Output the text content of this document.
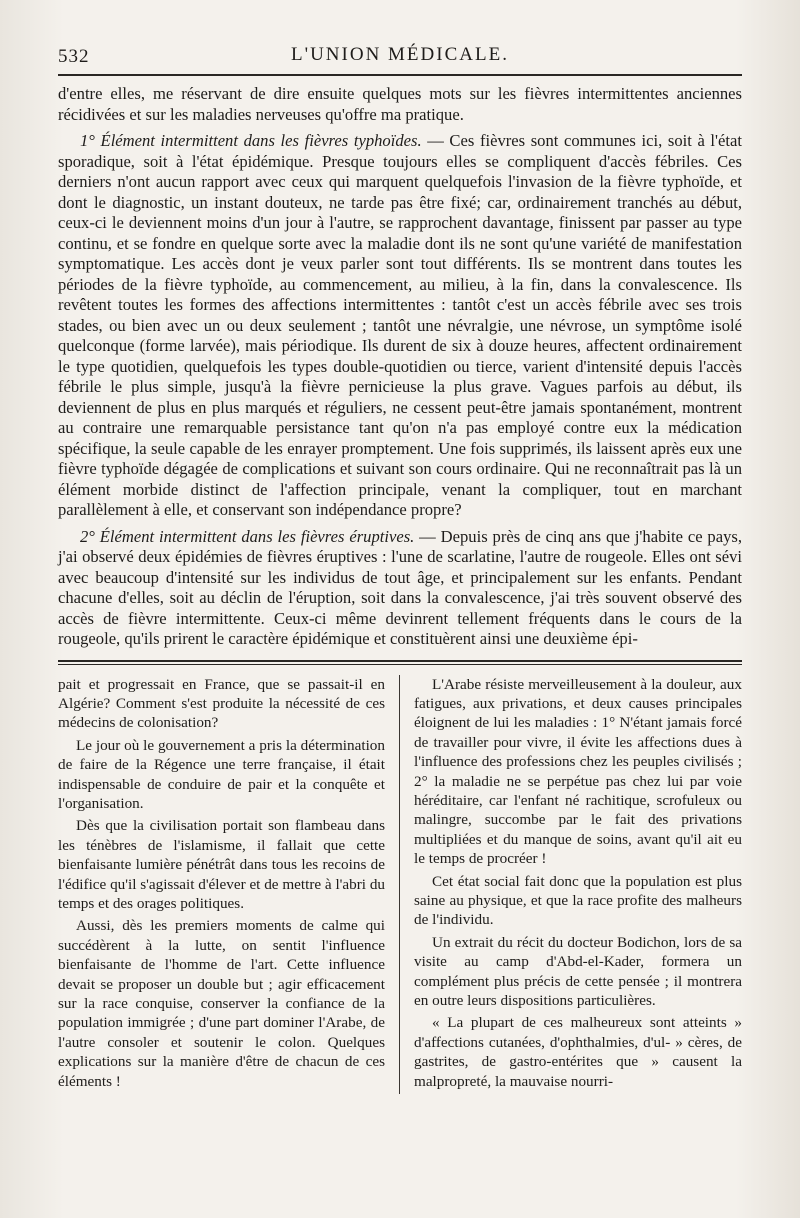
532	L'UNION MÉDICALE.

d'entre elles, me réservant de dire ensuite quelques mots sur les fièvres intermittentes anciennes récidivées et sur les maladies nerveuses qu'offre ma pratique.

1° Élément intermittent dans les fièvres typhoïdes. — Ces fièvres sont communes ici, soit à l'état sporadique, soit à l'état épidémique. Presque toujours elles se compliquent d'accès fébriles. Ces derniers n'ont aucun rapport avec ceux qui marquent quelquefois l'invasion de la fièvre typhoïde, et dont le diagnostic, un instant douteux, ne tarde pas être fixé; car, ordinairement tranchés au début, ceux-ci le deviennent moins d'un jour à l'autre, se rapprochent davantage, finissent par passer au type continu, et se fondre en quelque sorte avec la maladie dont ils ne sont qu'une variété de manifestation symptomatique. Les accès dont je veux parler sont tout différents. Ils se montrent dans toutes les périodes de la fièvre typhoïde, au commencement, au milieu, à la fin, dans la convalescence. Ils revêtent toutes les formes des affections intermittentes : tantôt c'est un accès fébrile avec ses trois stades, ou bien avec un ou deux seulement ; tantôt une névralgie, une névrose, un symptôme isolé quelconque (forme larvée), mais périodique. Ils durent de six à douze heures, affectent ordinairement le type quotidien, quelquefois les types double-quotidien ou tierce, varient d'intensité depuis l'accès fébrile le plus simple, jusqu'à la fièvre pernicieuse la plus grave. Vagues parfois au début, ils deviennent de plus en plus marqués et réguliers, ne cessent peut-être jamais spontanément, montrent au contraire une remarquable persistance tant qu'on n'a pas employé contre eux la médication spécifique, la seule capable de les enrayer promptement. Une fois supprimés, ils laissent après eux une fièvre typhoïde dégagée de complications et suivant son cours ordinaire. Qui ne reconnaîtrait pas là un élément morbide distinct de l'affection principale, venant la compliquer, tout en marchant parallèlement à elle, et conservant son indépendance propre?

2° Élément intermittent dans les fièvres éruptives. — Depuis près de cinq ans que j'habite ce pays, j'ai observé deux épidémies de fièvres éruptives : l'une de scarlatine, l'autre de rougeole. Elles ont sévi avec beaucoup d'intensité sur les individus de tout âge, et principalement sur les enfants. Pendant chacune d'elles, soit au déclin de l'éruption, soit dans la convalescence, j'ai très souvent observé des accès de fièvre intermittente. Ceux-ci même devinrent tellement fréquents dans le cours de la rougeole, qu'ils prirent le caractère épidémique et constituèrent ainsi une deuxième épi-

pait et progressait en France, que se passait-il en Algérie? Comment s'est produite la nécessité de ces médecins de colonisation?

Le jour où le gouvernement a pris la détermination de faire de la Régence une terre française, il était indispensable de conduire de pair et la conquête et l'organisation.

Dès que la civilisation portait son flambeau dans les ténèbres de l'islamisme, il fallait que cette bienfaisante lumière pénétrât dans tous les recoins de l'édifice qu'il s'agissait d'élever et de mettre à l'abri du temps et des orages politiques.

Aussi, dès les premiers moments de calme qui succédèrent à la lutte, on sentit l'influence bienfaisante de l'homme de l'art. Cette influence devait se proposer un double but ; agir efficacement sur la race conquise, conserver la confiance de la population immigrée ; d'une part dominer l'Arabe, de l'autre consoler et soutenir le colon. Quelques explications sur la manière d'être de chacun de ces éléments !

L'Arabe résiste merveilleusement à la douleur, aux fatigues, aux privations, et deux causes principales éloignent de lui les maladies : 1° N'étant jamais forcé de travailler pour vivre, il évite les affections dues à l'influence des professions chez les peuples civilisés ; 2° la maladie ne se perpétue pas chez lui par voie héréditaire, car l'enfant né rachitique, scrofuleux ou malingre, succombe par le fait des privations multipliées et du manque de soins, avant qu'il ait eu le temps de procréer !

Cet état social fait donc que la population est plus saine au physique, et que la race profite des malheurs de l'individu.

Un extrait du récit du docteur Bodichon, lors de sa visite au camp d'Abd-el-Kader, formera un complément plus précis de cette pensée ; il montrera en outre leurs dispositions particulières.

« La plupart de ces malheureux sont atteints » d'affections cutanées, d'ophthalmies, d'ul- » cères, de gastrites, de gastro-entérites que » causent la malpropreté, la mauvaise nourri-
